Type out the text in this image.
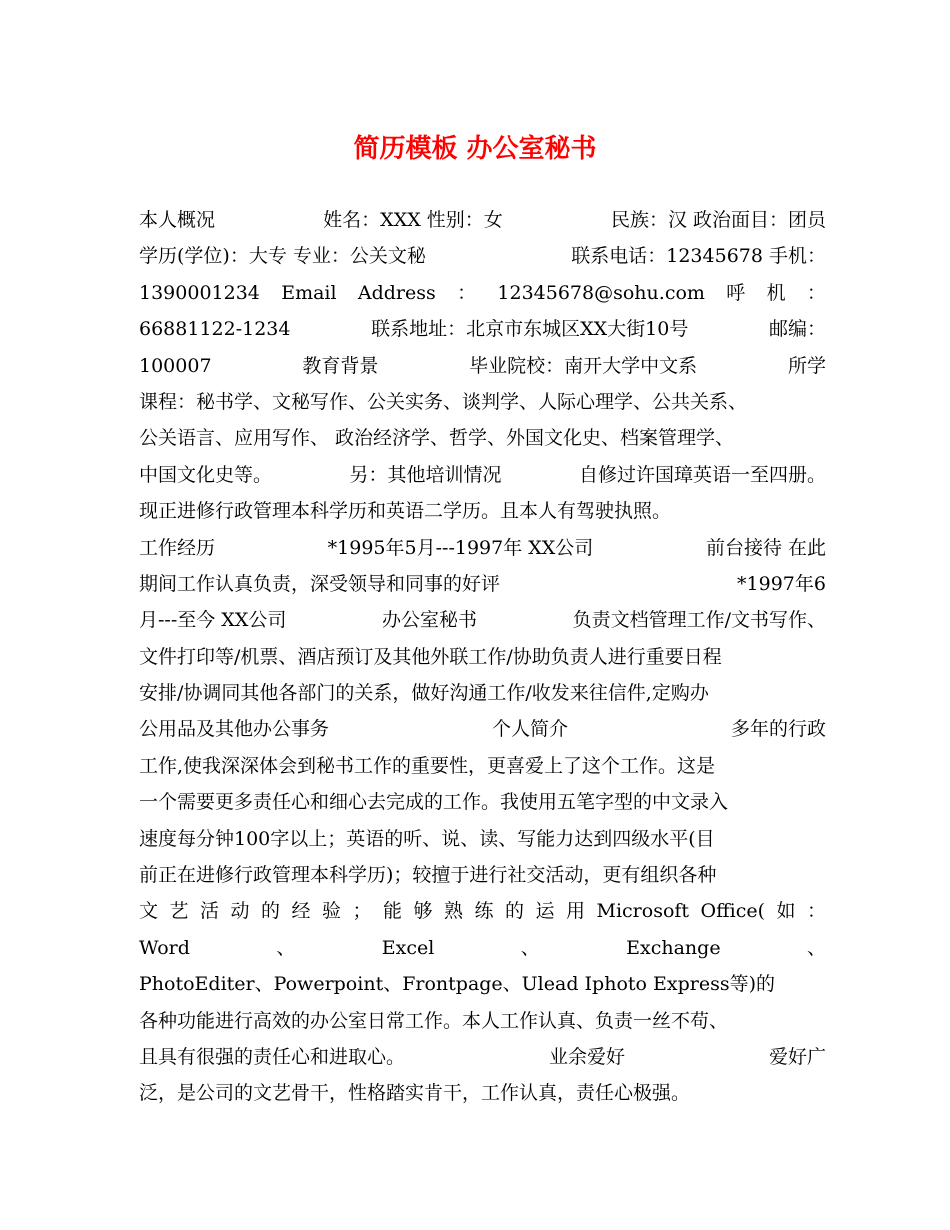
简历模板 办公室秘书
本人概况	姓名：XXX 性别：女	民族：汉 政治面目：团员
学历(学位)：大专 专业：公关文秘	联系电话：12345678 手机：
1390001234 Email Address ： 12345678@sohu.com 呼 机 ：
66881122-1234	联系地址：北京市东城区XX大街10号	邮编：
100007	教育背景	毕业院校：南开大学中文系	所学
课程：秘书学、文秘写作、公关实务、谈判学、人际心理学、公共关系、
公关语言、应用写作、 政治经济学、哲学、外国文化史、档案管理学、
中国文化史等。	另：其他培训情况	自修过许国璋英语一至四册。
现正进修行政管理本科学历和英语二学历。且本人有驾驶执照。
工作经历	*1995年5月---1997年 XX公司	前台接待 在此
期间工作认真负责，深受领导和同事的好评	*1997年6
月---至今 XX公司	办公室秘书	负责文档管理工作/文书写作、
文件打印等/机票、酒店预订及其他外联工作/协助负责人进行重要日程
安排/协调同其他各部门的关系，做好沟通工作/收发来往信件,定购办
公用品及其他办公事务	个人简介	多年的行政
工作,使我深深体会到秘书工作的重要性，更喜爱上了这个工作。这是
一个需要更多责任心和细心去完成的工作。我使用五笔字型的中文录入
速度每分钟100字以上；英语的听、说、读、写能力达到四级水平(目
前正在进修行政管理本科学历)；较擅于进行社交活动，更有组织各种
文 艺 活 动 的 经 验 ； 能 够 熟 练 的 运 用 Microsoft Office( 如 ：
Word	、	Excel	、	Exchange	、
PhotoEditer、Powerpoint、Frontpage、Ulead Iphoto Express等)的
各种功能进行高效的办公室日常工作。本人工作认真、负责一丝不苟、
且具有很强的责任心和进取心。	业余爱好	爱好广
泛，是公司的文艺骨干，性格踏实肯干，工作认真，责任心极强。
